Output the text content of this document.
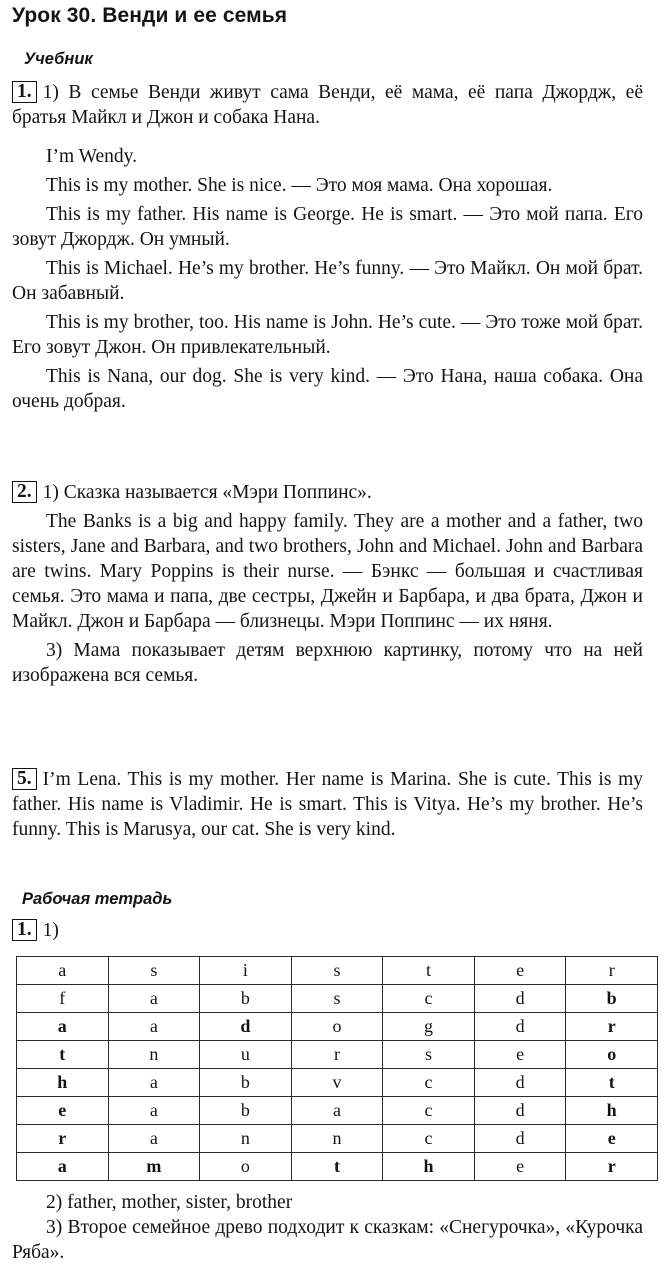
Урок 30. Венди и ее семья
Учебник

1. 1) В семье Венди живут сама Венди, её мама, её папа Джордж, её братья Майкл и Джон и собака Нана.

I’m Wendy.

This is my mother. She is nice. — Это моя мама. Она хорошая.

This is my father. His name is George. He is smart. — Это мой папа. Его зовут Джордж. Он умный.

This is Michael. He’s my brother. He’s funny. — Это Майкл. Он мой брат. Он забавный.

This is my brother, too. His name is John. He’s cute. — Это тоже мой брат. Его зовут Джон. Он привлекательный.

This is Nana, our dog. She is very kind. — Это Нана, наша собака. Она очень добрая.

2. 1) Сказка называется «Мэри Поппинс».

The Banks is a big and happy family. They are a mother and a father, two sisters, Jane and Barbara, and two brothers, John and Michael. John and Barbara are twins. Mary Poppins is their nurse. — Бэнкс — большая и счастливая семья. Это мама и папа, две сестры, Джейн и Барбара, и два брата, Джон и Майкл. Джон и Барбара — близнецы. Мэри Поппинс — их няня.

3) Мама показывает детям верхнюю картинку, потому что на ней изображена вся семья.

5. I’m Lena. This is my mother. Her name is Marina. She is cute. This is my father. His name is Vladimir. He is smart. This is Vitya. He’s my brother. He’s funny. This is Marusya, our cat. She is very kind.

Рабочая тетрадь

1. 1)

a	s	i	s	t	e	r
f	a	b	s	c	d	b
a	a	d	o	g	d	r
t	n	u	r	s	e	o
h	a	b	v	c	d	t
e	a	b	a	c	d	h
r	a	n	n	c	d	e
a	m	o	t	h	e	r

2) father, mother, sister, brother

3) Второе семейное древо подходит к сказкам: «Снегурочка», «Курочка Ряба».
